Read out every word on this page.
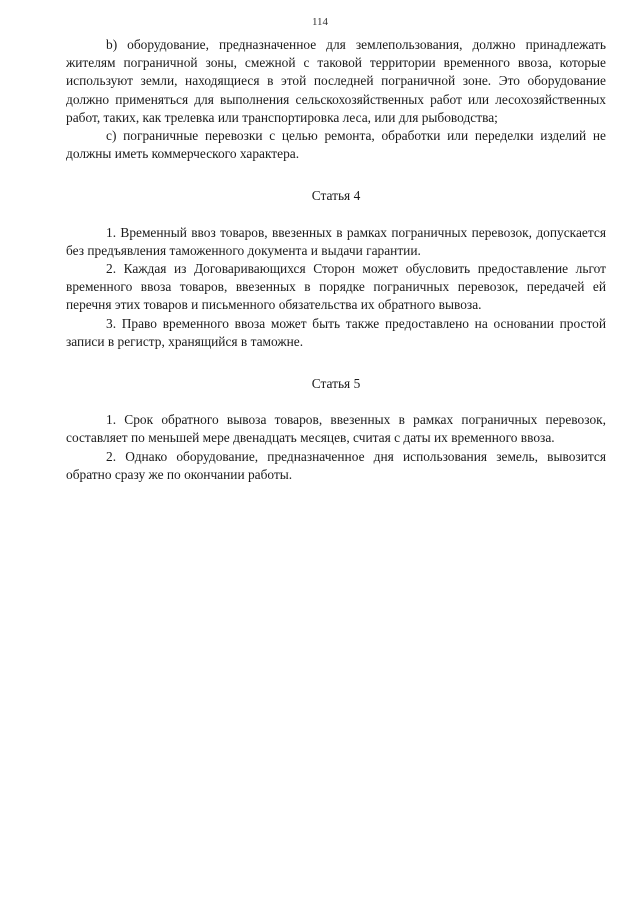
114

b) оборудование, предназначенное для землепользования, должно принадлежать жителям пограничной зоны, смежной с таковой территории временного ввоза, которые используют земли, находящиеся в этой последней пограничной зоне. Это оборудование должно применяться для выполнения сельскохозяйственных работ или лесохозяйственных работ, таких, как трелевка или транспортировка леса, или для рыбоводства;

c) пограничные перевозки с целью ремонта, обработки или переделки изделий не должны иметь коммерческого характера.

Статья 4

1. Временный ввоз товаров, ввезенных в рамках пограничных перевозок, допускается без предъявления таможенного документа и выдачи гарантии.

2. Каждая из Договаривающихся Сторон может обусловить предоставление льгот временного ввоза товаров, ввезенных в порядке пограничных перевозок, передачей ей перечня этих товаров и письменного обязательства их обратного вывоза.

3. Право временного ввоза может быть также предоставлено на основании простой записи в регистр, хранящийся в таможне.

Статья 5

1. Срок обратного вывоза товаров, ввезенных в рамках пограничных перевозок, составляет по меньшей мере двенадцать месяцев, считая с даты их временного ввоза.

2. Однако оборудование, предназначенное дня использования земель, вывозится обратно сразу же по окончании работы.
